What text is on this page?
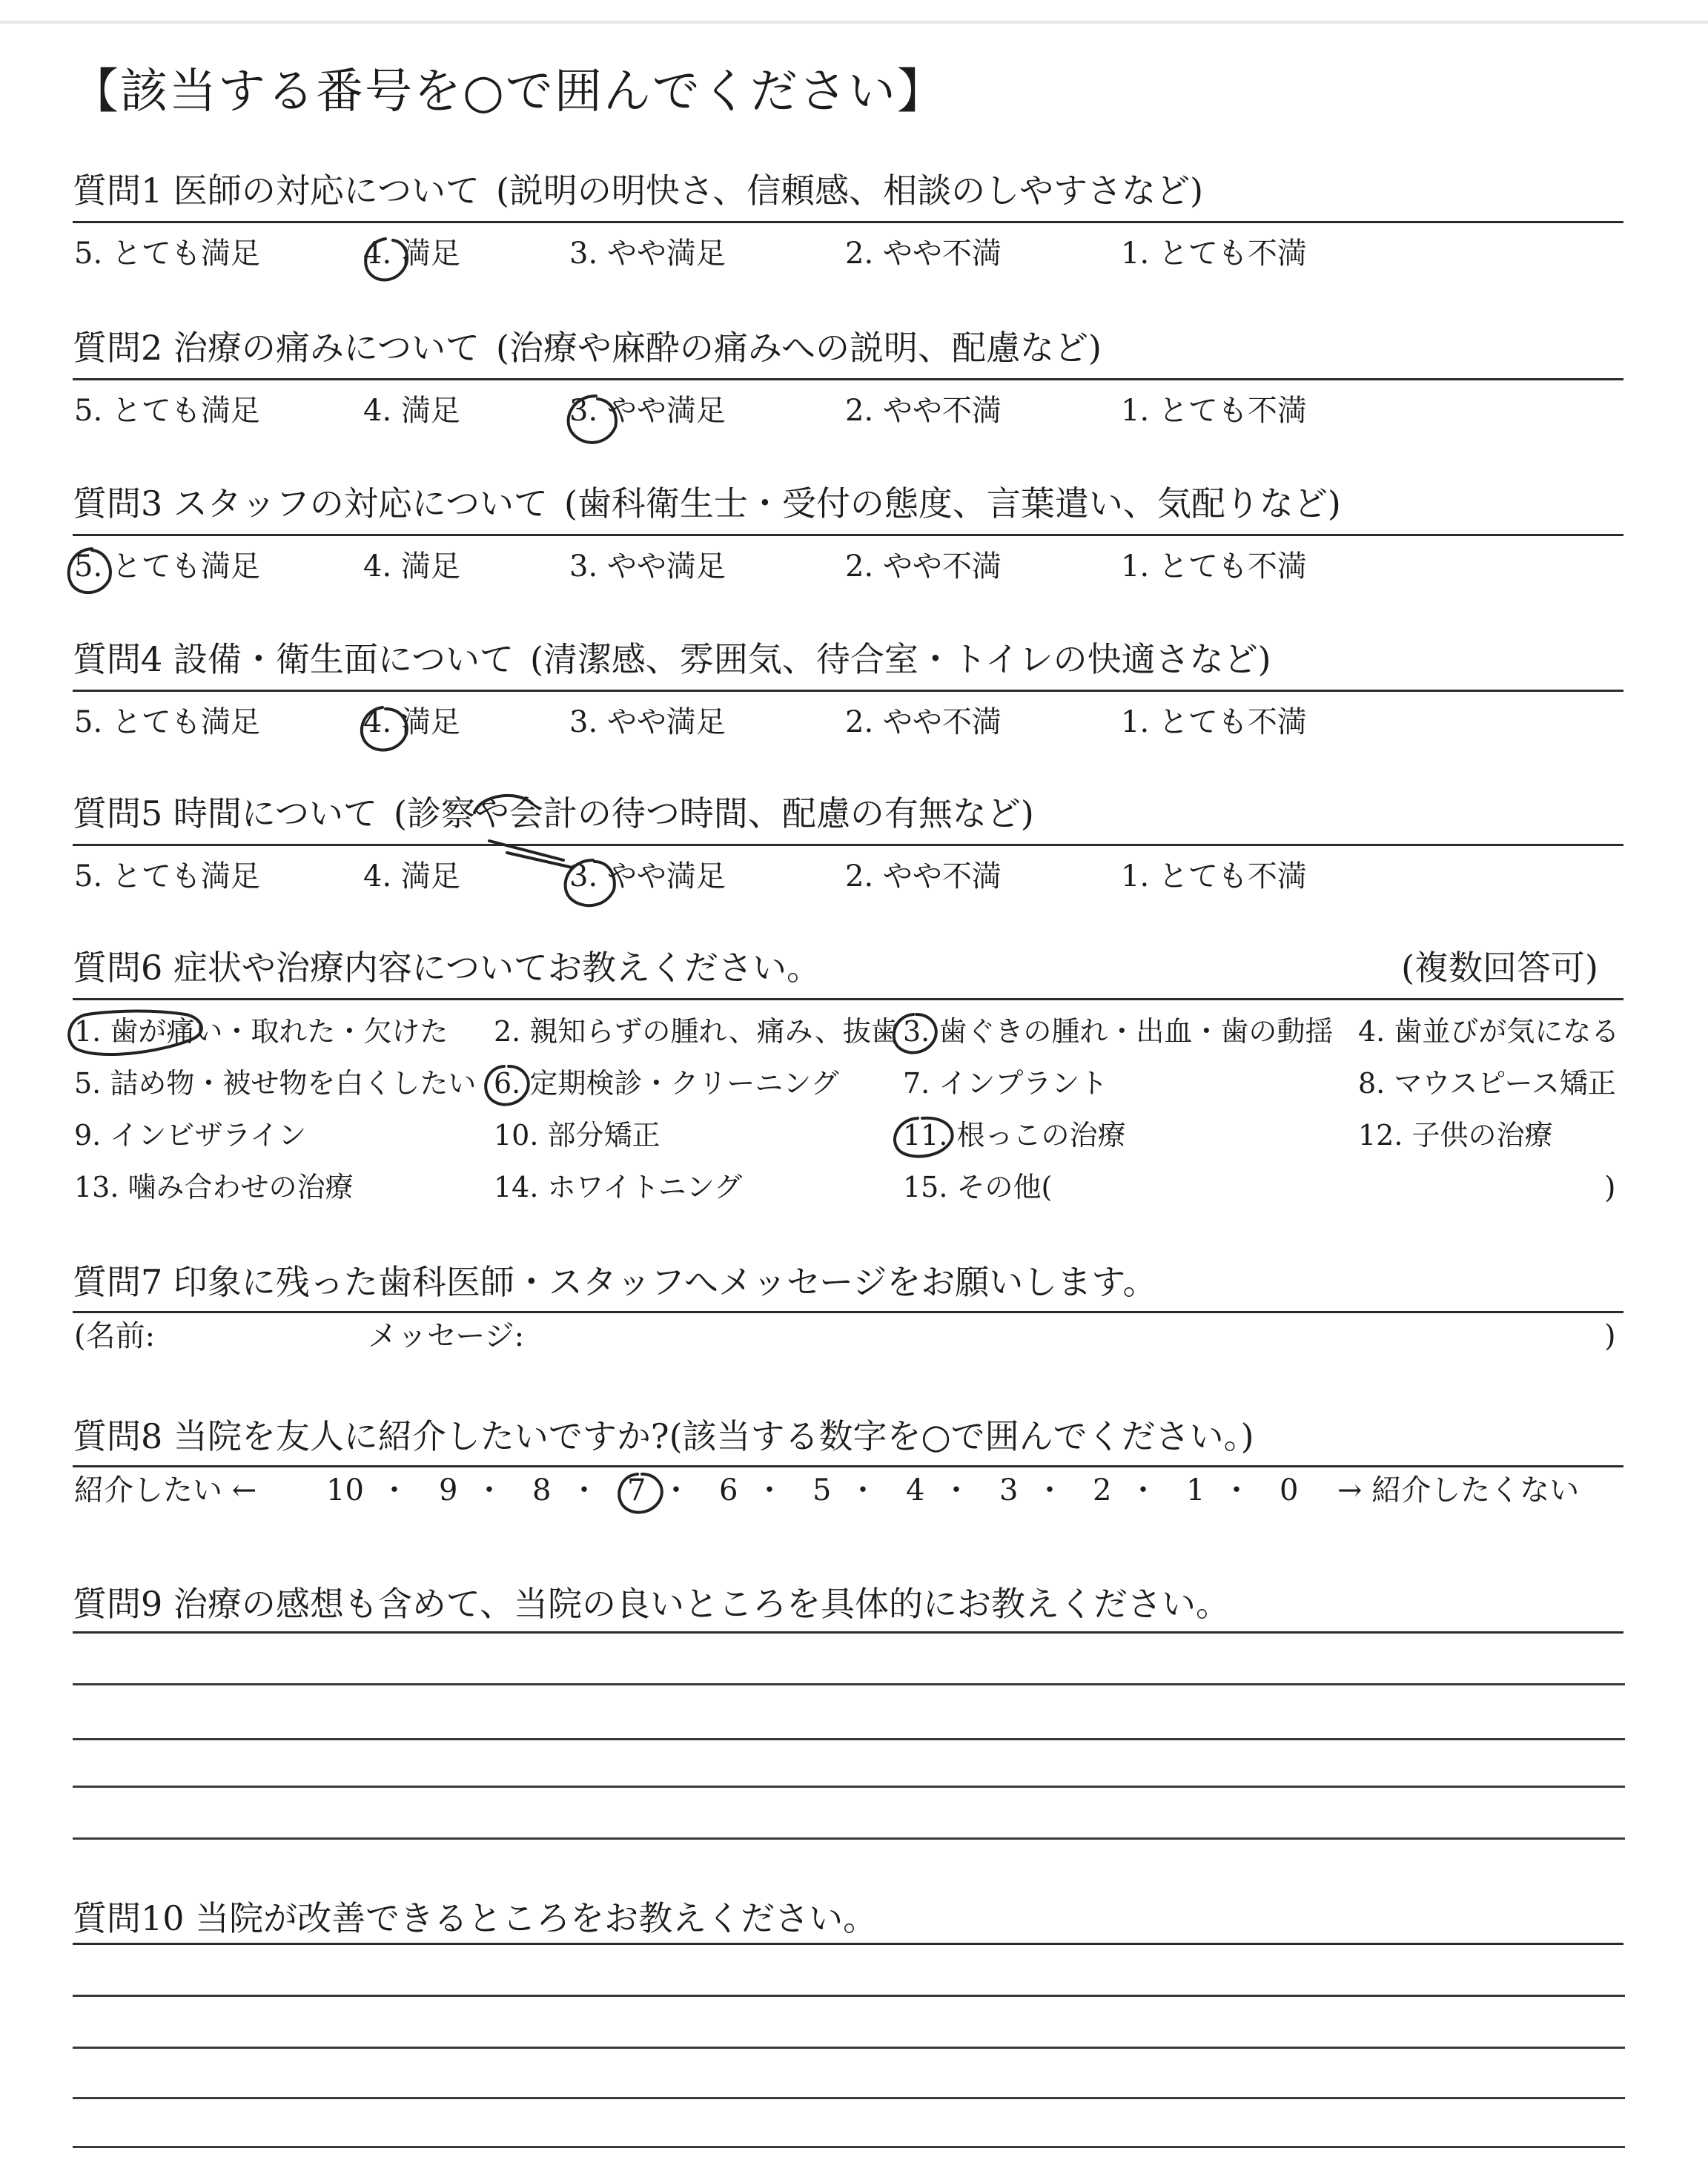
【該当する番号を○で囲んでください】
質問1 医師の対応について (説明の明快さ、信頼感、相談のしやすさなど)
5. とても満足	4. 満足	3. やや満足	2. やや不満	1. とても不満
質問2 治療の痛みについて (治療や麻酔の痛みへの説明、配慮など)
5. とても満足	4. 満足	3. やや満足	2. やや不満	1. とても不満
質問3 スタッフの対応について (歯科衛生士・受付の態度、言葉遣い、気配りなど)
5. とても満足	4. 満足	3. やや満足	2. やや不満	1. とても不満
質問4 設備・衛生面について (清潔感、雰囲気、待合室・トイレの快適さなど)
5. とても満足	4. 満足	3. やや満足	2. やや不満	1. とても不満
質問5 時間について (診察や会計の待つ時間、配慮の有無など)
5. とても満足	4. 満足	3. やや満足	2. やや不満	1. とても不満
質問6 症状や治療内容についてお教えください。	(複数回答可)
1. 歯が痛い・取れた・欠けた 2. 親知らずの腫れ、痛み、抜歯 3. 歯ぐきの腫れ・出血・歯の動揺 4. 歯並びが気になる
5. 詰め物・被せ物を白くしたい 6. 定期検診・クリーニング 7. インプラント	8. マウスピース矯正
9. インビザライン	10. 部分矯正	11. 根っこの治療	12. 子供の治療
13. 噛み合わせの治療	14. ホワイトニング	15. その他(	)
質問7 印象に残った歯科医師・スタッフへメッセージをお願いします。
(名前:	メッセージ:	)
質問8 当院を友人に紹介したいですか?(該当する数字を○で囲んでください。)
紹介したい ← 10 ・ 9 ・ 8 ・ 7 ・ 6 ・ 5 ・ 4 ・ 3 ・ 2 ・ 1 ・ 0 → 紹介したくない
質問9 治療の感想も含めて、当院の良いところを具体的にお教えください。
質問10 当院が改善できるところをお教えください。
